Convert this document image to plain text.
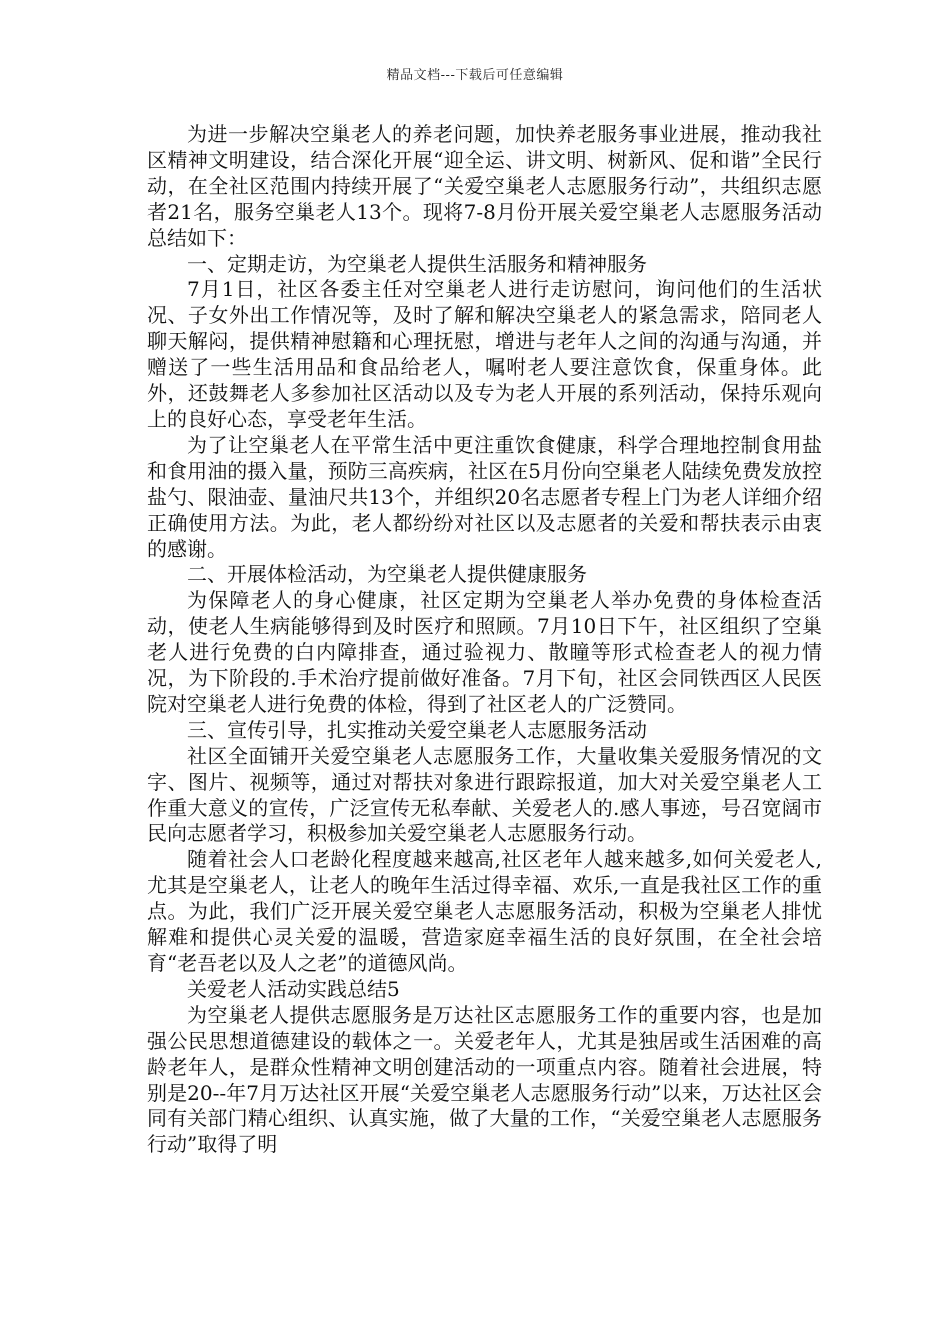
精品文档---下载后可任意编辑

为进一步解决空巢老人的养老问题，加快养老服务事业进展，推动我社区精神文明建设，结合深化开展“迎全运、讲文明、树新风、促和谐”全民行动，在全社区范围内持续开展了“关爱空巢老人志愿服务行动”，共组织志愿者21名，服务空巢老人13个。现将7-8月份开展关爱空巢老人志愿服务活动总结如下：

一、定期走访，为空巢老人提供生活服务和精神服务

7月1日，社区各委主任对空巢老人进行走访慰问，询问他们的生活状况、子女外出工作情况等，及时了解和解决空巢老人的紧急需求，陪同老人聊天解闷，提供精神慰籍和心理抚慰，增进与老年人之间的沟通与沟通，并赠送了一些生活用品和食品给老人，嘱咐老人要注意饮食，保重身体。此外，还鼓舞老人多参加社区活动以及专为老人开展的系列活动，保持乐观向上的良好心态，享受老年生活。

为了让空巢老人在平常生活中更注重饮食健康，科学合理地控制食用盐和食用油的摄入量，预防三高疾病，社区在5月份向空巢老人陆续免费发放控盐勺、限油壶、量油尺共13个，并组织20名志愿者专程上门为老人详细介绍正确使用方法。为此，老人都纷纷对社区以及志愿者的关爱和帮扶表示由衷的感谢。

二、开展体检活动，为空巢老人提供健康服务

为保障老人的身心健康，社区定期为空巢老人举办免费的身体检查活动，使老人生病能够得到及时医疗和照顾。7月10日下午，社区组织了空巢老人进行免费的白内障排查，通过验视力、散瞳等形式检查老人的视力情况，为下阶段的.手术治疗提前做好准备。7月下旬，社区会同铁西区人民医院对空巢老人进行免费的体检，得到了社区老人的广泛赞同。

三、宣传引导，扎实推动关爱空巢老人志愿服务活动

社区全面铺开关爱空巢老人志愿服务工作，大量收集关爱服务情况的文字、图片、视频等，通过对帮扶对象进行跟踪报道，加大对关爱空巢老人工作重大意义的宣传，广泛宣传无私奉献、关爱老人的.感人事迹，号召宽阔市民向志愿者学习，积极参加关爱空巢老人志愿服务行动。

随着社会人口老龄化程度越来越高,社区老年人越来越多,如何关爱老人,尤其是空巢老人，让老人的晚年生活过得幸福、欢乐,一直是我社区工作的重点。为此，我们广泛开展关爱空巢老人志愿服务活动，积极为空巢老人排忧解难和提供心灵关爱的温暖，营造家庭幸福生活的良好氛围，在全社会培育“老吾老以及人之老”的道德风尚。

关爱老人活动实践总结5

为空巢老人提供志愿服务是万达社区志愿服务工作的重要内容，也是加强公民思想道德建设的载体之一。关爱老年人，尤其是独居或生活困难的高龄老年人，是群众性精神文明创建活动的一项重点内容。随着社会进展，特别是20--年7月万达社区开展“关爱空巢老人志愿服务行动”以来，万达社区会同有关部门精心组织、认真实施，做了大量的工作，“关爱空巢老人志愿服务行动”取得了明
